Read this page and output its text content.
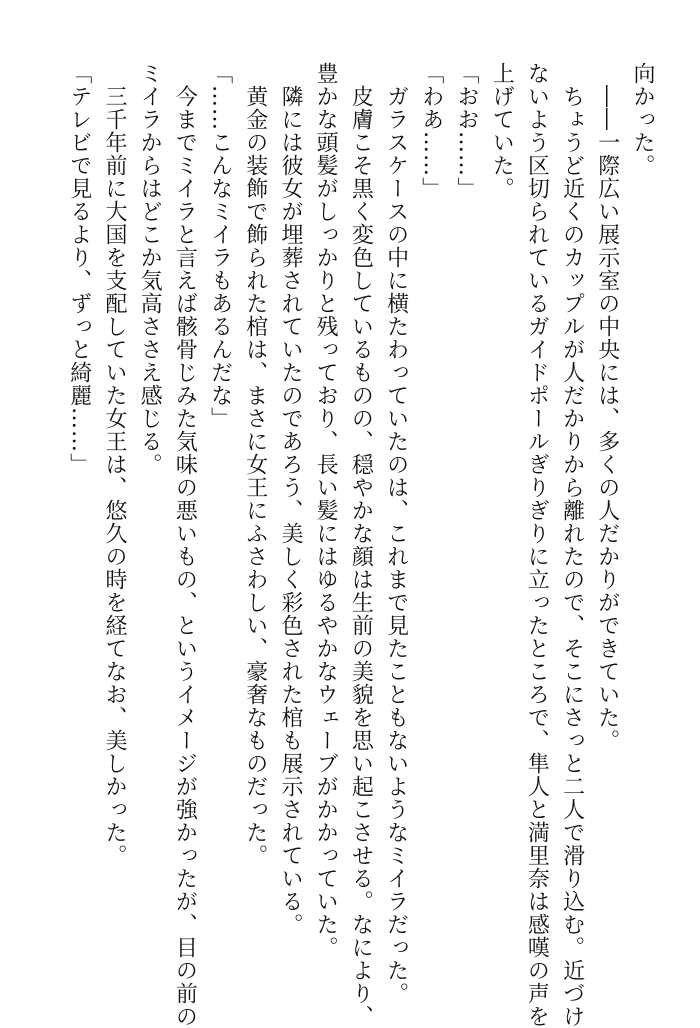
向かった。
　――一際広い展示室の中央には、多くの人だかりができていた。
　ちょうど近くのカップルが人だかりから離れたので、そこにさっと二人で滑り込む。近づけ
ないよう区切られているガイドポールぎりぎりに立ったところで、隼人と満里奈は感嘆の声を
上げていた。
「おお……」
「わあ……」
　ガラスケースの中に横たわっていたのは、これまで見たこともないようなミイラだった。
　皮膚こそ黒く変色しているものの、穏やかな顔は生前の美貌を思い起こさせる。なにより、
豊かな頭髪がしっかりと残っており、長い髪にはゆるやかなウェーブがかかっていた。
　隣には彼女が埋葬されていたのであろう、美しく彩色された棺も展示されている。
　黄金の装飾で飾られた棺は、まさに女王にふさわしい、豪奢なものだった。
「……こんなミイラもあるんだな」
　今までミイラと言えば骸骨じみた気味の悪いもの、というイメージが強かったが、目の前の
ミイラからはどこか気高ささえ感じる。
　三千年前に大国を支配していた女王は、悠久の時を経てなお、美しかった。
「テレビで見るより、ずっと綺麗……」
